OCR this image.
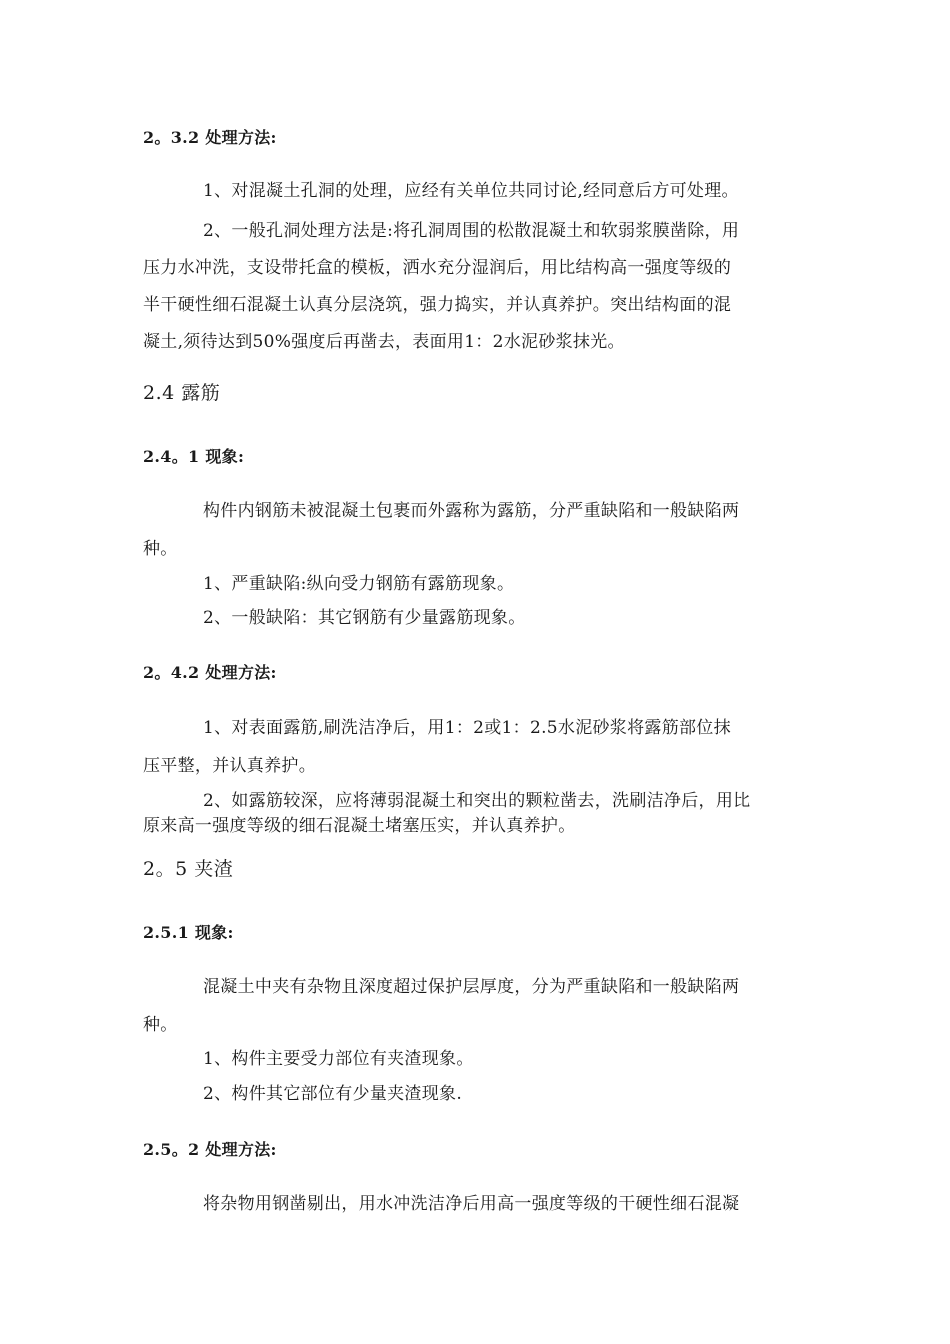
2。3.2 处理方法:
1、对混凝土孔洞的处理，应经有关单位共同讨论,经同意后方可处理。
2、一般孔洞处理方法是:将孔洞周围的松散混凝土和软弱浆膜凿除，用
压力水冲洗，支设带托盒的模板，洒水充分湿润后，用比结构高一强度等级的
半干硬性细石混凝土认真分层浇筑，强力捣实，并认真养护。突出结构面的混
凝土,须待达到50%强度后再凿去，表面用1：2水泥砂浆抹光。
2.4 露筋
2.4。1 现象:
构件内钢筋未被混凝土包裹而外露称为露筋，分严重缺陷和一般缺陷两
种。
1、严重缺陷:纵向受力钢筋有露筋现象。
2、一般缺陷：其它钢筋有少量露筋现象。
2。4.2 处理方法:
1、对表面露筋,刷洗洁净后，用1：2或1：2.5水泥砂浆将露筋部位抹
压平整，并认真养护。
2、如露筋较深，应将薄弱混凝土和突出的颗粒凿去，洗刷洁净后，用比
原来高一强度等级的细石混凝土堵塞压实，并认真养护。
2。5 夹渣
2.5.1 现象:
混凝土中夹有杂物且深度超过保护层厚度，分为严重缺陷和一般缺陷两
种。
1、构件主要受力部位有夹渣现象。
2、构件其它部位有少量夹渣现象.
2.5。2 处理方法:
将杂物用钢凿剔出，用水冲洗洁净后用高一强度等级的干硬性细石混凝
